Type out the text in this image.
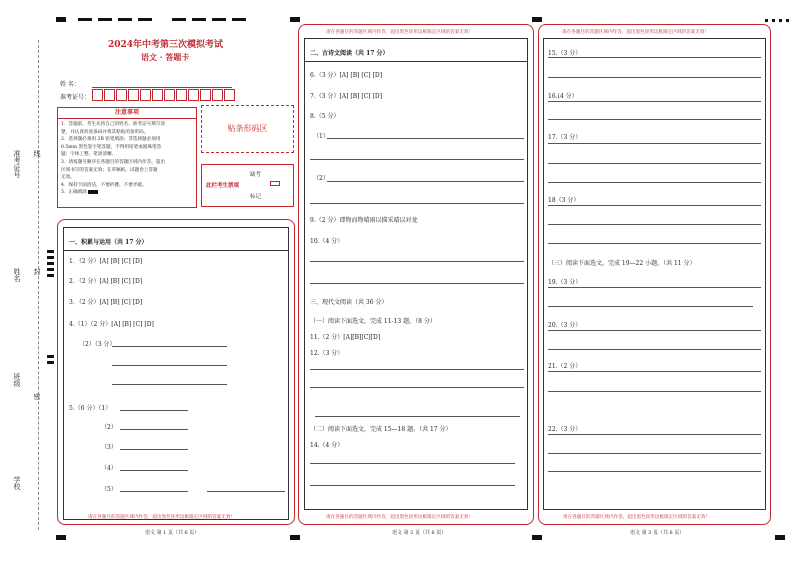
准考证号 线
姓名 封
班级
密
学校
2024年中考第三次模拟考试
语文 · 答题卡
姓 名：
准考证号：
注意事项
1．答题前，考生先将自己的姓名、准考证号填写清
楚，并认真检查条码并将其粘贴的条形码。
2．选择题必须用 2B 铅笔填涂；非选择题必须用
0.5mm 黑色签字笔答题，不得用铅笔或圆珠笔答
题；字体工整、笔迹清晰。
3．请按题号顺序在各题目的答题区域内作答，超出
区域书写的答案无效；在草稿纸、试题卷上答题
无效。
4．保持卡面清洁，不要折叠、不要弄破。
5．正确填涂
贴条形码区
此栏考生禁填
缺考
标记
一、积累与运用（共 17 分）
1．（2 分）[A] [B] [C] [D]
2．（2 分）[A] [B] [C] [D]
3．（2 分）[A] [B] [C] [D]
4.（1）（2 分）[A] [B] [C] [D]
（2）（3 分）
5.（6 分）（1）
（2）
（3）
（4）
（5）
请在各题目的答题区域内作答，超出黑色矩形边框限定区域的答案无效！
语文 第 1 页（共 6 页）
请在各题目的答题区域内作答，超出黑色矩形边框限定区域的答案无效！
二、古诗文阅读（共 17 分）
6.（3 分）[A] [B] [C] [D]
7.（3 分）[A] [B] [C] [D]
8.（5 分）
（1）
（2）
9.（2 分）即物而物晴雨以描采晴以对龙
10.（4 分）
三、现代文阅读（共 36 分）
（一）阅读下面选文，完成 11-13 题。（8 分）
11.（2 分）[A][B][C][D]
12.（3 分）
（二）阅读下面选文，完成 15—18 题。（共 17 分）
14.（4 分）
请在各题目的答题区域内作答，超出黑色矩形边框限定区域的答案无效！
语文 第 2 页（共 6 页）
请在各题目的答题区域内作答，超出黑色矩形边框限定区域的答案无效！
15.（3 分）
16.(4 分）
17.（3 分）
18（3 分）
（三）阅读下面选文，完成 19—22 小题。（共 11 分）
19.（3 分）
20.（3 分）
21.（2 分）
22.（3 分）
请在各题目的答题区域内作答，超出黑色矩形边框限定区域的答案无效！
语文 第 3 页（共 6 页）
